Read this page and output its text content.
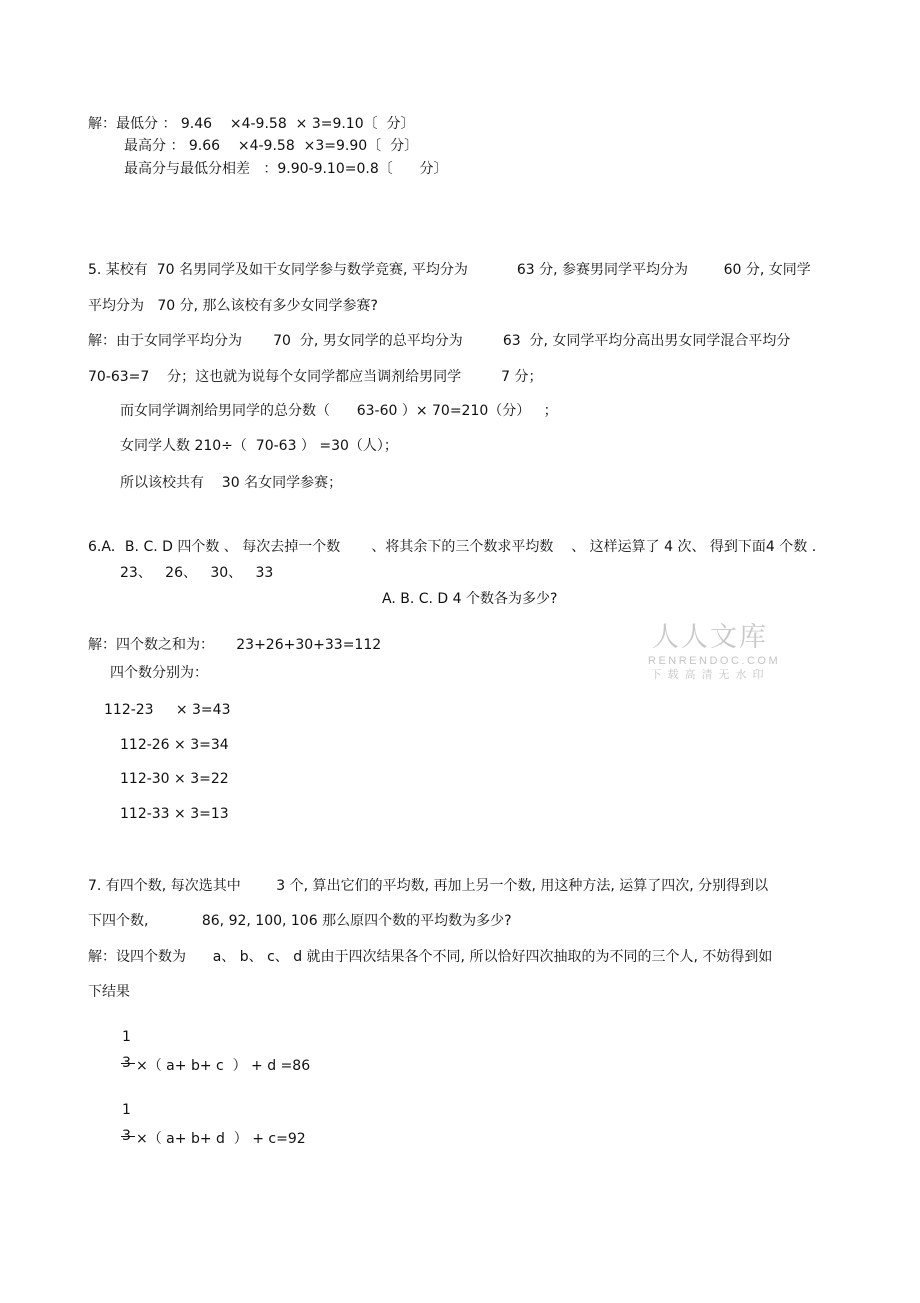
解：最低分 ： 9.46    ×4-9.58  × 3=9.10〔  分〕
最高分 ： 9.66    ×4-9.58  ×3=9.90〔  分〕
最高分与最低分相差   ：9.90-9.10=0.8〔      分〕
5. 某校有  70 名男同学及如干女同学参与数学竞赛, 平均分为           63 分, 参赛男同学平均分为        60 分, 女同学
平均分为   70 分, 那么该校有多少女同学参赛?
解：由于女同学平均分为       70  分, 男女同学的总平均分为         63  分, 女同学平均分高出男女同学混合平均分
70-63=7    分；这也就为说每个女同学都应当调剂给男同学         7 分；
而女同学调剂给男同学的总分数（      63-60 ）× 70=210（分）   ；
女同学人数 210÷（  70-63 ） =30（人）；
所以该校共有    30 名女同学参赛；
6.A．B. C. D 四个数 、 每次去掉一个数       、将其余下的三个数求平均数    、 这样运算了 4 次、 得到下面4 个数 .
23、   26、   30、   33
A. B. C. D 4 个数各为多少?
人人文库
RENRENDOC.COM
下载高清无水印
解：四个数之和为：     23+26+30+33=112
四个数分别为：
112-23     × 3=43
112-26 × 3=34
112-30 × 3=22
112-33 × 3=13
7. 有四个数, 每次选其中        3 个, 算出它们的平均数, 再加上另一个数, 用这种方法, 运算了四次, 分别得到以
下四个数,            86, 92, 100, 106 那么原四个数的平均数为多少?
解：设四个数为      a、 b、 c、 d 就由于四次结果各个不同, 所以恰好四次抽取的为不同的三个人, 不妨得到如
下结果
1
3 ×（ a+ b+ c  ） + d =86
1
3 ×（ a+ b+ d  ） + c=92
